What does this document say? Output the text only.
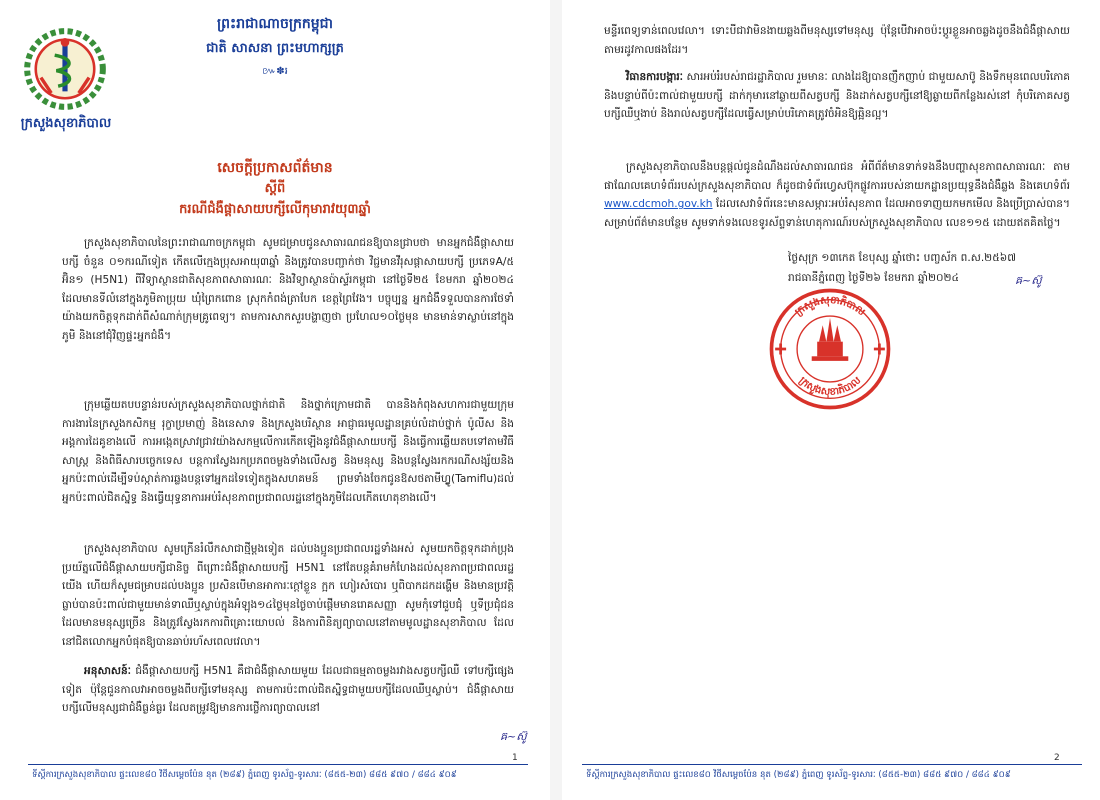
ក្រសួងសុខាភិបាល
ព្រះរាជាណាចក្រកម្ពុជា
ជាតិ សាសនា ព្រះមហាក្សត្រ
៚✽៛
សេចក្តីប្រកាសព័ត៌មាន
ស្តីពី
ករណីជំងឺផ្តាសាយបក្សីលើកុមារាវយុ៣ឆ្នាំ

ក្រសួងសុខាភិបាលនៃព្រះរាជាណាចក្រកម្ពុជា សូមជម្រាបជូនសាធារណជនឱ្យបានជ្រាបថា មានអ្នកជំងឺផ្តាសាយបក្សី ចំនួន ០១ករណីទៀត កើតលើក្មេងប្រុសអាយុ៣ឆ្នាំ និងត្រូវបានបញ្ជាក់ថា វិជ្ជមានវីរុសផ្តាសាយបក្សី ប្រភេទA/៥ អ៊ិន១ (H5N1) ពីវិទ្យាស្ថានជាតិសុខភាពសាធារណៈ និងវិទ្យាស្ថានប៉ាស្ទ័រកម្ពុជា នៅថ្ងៃទី២៥ ខែមករា ឆ្នាំ២០២៤ ដែលមានទីលំនៅក្នុងភូមិតាប្រុយ ឃុំព្រៃកពោន ស្រុកកំពង់ត្រាបែក ខេត្តព្រៃវែង។ បច្ចុប្បន្ន អ្នកជំងឺទទួលបានការថែទាំយ៉ាងយកចិត្តទុកដាក់ពីសំណាក់ក្រុមគ្រូពេទ្យ។ តាមការសាកសួរបង្ហាញថា ប្រហែល១០ថ្ងៃមុន មានមាន់ទាស្លាប់នៅក្នុងភូមិ និងនៅជុំវិញផ្ទះអ្នកជំងឺ។

ក្រុមឆ្លើយតបបន្ទាន់របស់ក្រសួងសុខាភិបាលថ្នាក់ជាតិ និងថ្នាក់ក្រោមជាតិ បាននិងកំពុងសហការជាមួយក្រុមការងារនៃក្រសួងកសិកម្ម រុក្ខាប្រមាញ់ និងនេសាទ និងក្រសួងបរិស្ថាន អាជ្ញាធរមូលដ្ឋានគ្រប់លំដាប់ថ្នាក់ ប៉ូលីស និងអង្គការដៃគូខាងលើ ការអង្កេតស្រាវជ្រាវយ៉ាងសកម្មលើការកើតឡើងនូវជំងឺផ្តាសាយបក្សី និងធ្វើការឆ្លើយតបទៅតាមវិធីសាស្ត្រ និងពិធីសារបច្ចេកទេស បន្តការស្វែងរកប្រភពចម្លងទាំងលើសត្វ និងមនុស្ស និងបន្តស្វែងរកករណីសង្ស័យនិងអ្នកប៉ះពាល់ដើម្បីទប់ស្កាត់ការឆ្លងបន្តទៅអ្នកដទៃទៀតក្នុងសហគមន៍ ព្រមទាំងចែកជូនឱសថតាមីហ្វ្លូ(Tamiflu)ដល់អ្នកប៉ះពាល់ជិតស្និទ្ធ និងធ្វើយុទ្ធនាការអប់រំសុខភាពប្រជាពលរដ្ឋនៅក្នុងភូមិដែលកើតហេតុខាងលើ។

ក្រសួងសុខាភិបាល សូមក្រើនរំលឹកសាជាថ្មីម្តងទៀត ដល់បងប្អូនប្រជាពលរដ្ឋទាំងអស់ សូមយកចិត្តទុកដាក់ប្រុងប្រយ័ត្នលើជំងឺផ្តាសាយបក្សីជានិច្ច ពីព្រោះជំងឺផ្តាសាយបក្សី H5N1 នៅតែបន្តគំរាមកំហែងដល់សុខភាពប្រជាពលរដ្ឋយើង ហើយក៏សូមជម្រាបដល់បងប្អូន ប្រសិនបើមានអាការៈក្តៅខ្លួន ក្អក ហៀរសំបោរ ឬពិបាកដកដង្ហើម និងមានប្រវត្តិធ្លាប់បានប៉ះពាល់ជាមួយមាន់ទាឈឺឬស្លាប់ក្នុងអំឡុង១៤ថ្ងៃមុនថ្ងៃចាប់ផ្តើមមានរោគសញ្ញា សូមកុំទៅជួបជុំ ឬទីប្រជុំជនដែលមានមនុស្សច្រើន និងត្រូវស្វែងរកការពិគ្រោះយោបល់ និងការពិនិត្យព្យាបាលនៅតាមមូលដ្ឋានសុខាភិបាល ដែលនៅជិតលោកអ្នកបំផុតឱ្យបានឆាប់រហ័សពេលវេលា។

អនុសាសន៍ៈ ជំងឺផ្តាសាយបក្សី H5N1 គឺជាជំងឺផ្តាសាយមួយ ដែលជាធម្មតាចម្លងរវាងសត្វបក្សីឈឺ ទៅបក្សីផ្សេងទៀត ប៉ុន្តែជួនកាលវាអាចចម្លងពីបក្សីទៅមនុស្ស តាមការប៉ះពាល់ជិតស្និទ្ធជាមួយបក្សីដែលឈឺឬស្លាប់។ ជំងឺផ្តាសាយបក្សីលើមនុស្សជាជំងឺធ្ងន់ធ្ងរ ដែលតម្រូវឱ្យមានការថ្លើការព្យាបាលនៅ

ឝ~ស៊ូ
1
ទីស្តីការក្រសួងសុខាភិបាល ផ្ទះលេខ៨០ វិថីសម្តេចប៉ែន នុត (២៨៩) ភ្នំពេញ ទូរស័ព្ទ-ទូរសារៈ (៨៥៥-២៣) ៨៨៥ ៩៧០ / ៨៨៤ ៩០៩

មន្ទីរពេទ្យទាន់ពេលវេលា។ ទោះបីជាវាមិនងាយឆ្លងពីមនុស្សទៅមនុស្ស ប៉ុន្តែបើវាអាចប៉ះប្តូរខ្លួនអាចឆ្លងដូចនឹងជំងឺផ្តាសាយតាមរដូវកាលផងដែរ។

វិធានការបង្ការៈ សារអប់រំរបស់រាជរដ្ឋាភិបាល រួមមានៈ លាងដៃឱ្យបានញឹកញាប់ ជាមួយសាប៊ូ និងទឹកមុនពេលបរិភោគ និងបន្ទាប់ពីប៉ះពាល់ជាមួយបក្សី ដាក់កុមារនៅឆ្ងាយពីសត្វបក្សី និងដាក់សត្វបក្សីនៅឱ្យឆ្ងាយពីកន្លែងរស់នៅ កុំបរិភោគសត្វបក្សីឈឺឬងាប់ និងរាល់សត្វបក្សីដែលធ្វើសម្រាប់បរិភោគត្រូវចំអិនឱ្យឆ្អិនល្អ។

ក្រសួងសុខាភិបាលនឹងបន្តផ្តល់ជូនដំណឹងដល់សាធារណជន អំពីព័ត៌មានទាក់ទងនឹងបញ្ហាសុខភាពសាធារណៈ តាមផាណែលគេហទំព័ររបស់ក្រសួងសុខាភិបាល ក៏ដូចជាទំព័រហ្វេសប៊ុកផ្លូវការរបស់នាយកដ្ឋានប្រយុទ្ធនឹងជំងឺឆ្លង និងគេហទំព័រ www.cdcmoh.gov.kh ដែលសេវាទំព័រនេះមានសម្ភារៈអប់រំសុខភាព ដែលអាចទាញយកមកមើល និងប្រើប្រាស់បាន។ សម្រាប់ព័ត៌មានបន្ថែម សូមទាក់ទងលេខទូរស័ព្ទទាន់ហេតុការណ៍របស់ក្រសួងសុខាភិបាល លេខ១១៥ ដោយឥតគិតថ្លៃ។

ថ្ងៃសុក្រ ១៣កេត ខែបុស្ស ឆ្នាំថោះ បញ្ចស័ក ព.ស.២៥៦៧
រាជធានីភ្នំពេញ ថ្ងៃទី២៦ ខែមករា ឆ្នាំ២០២៤	ឝ~ស៊ូ
ក្រសួងសុខាភិបាល
ក្រសួងសុខាភិបាល
2
ទីស្តីការក្រសួងសុខាភិបាល ផ្ទះលេខ៨០ វិថីសម្តេចប៉ែន នុត (២៨៩) ភ្នំពេញ ទូរស័ព្ទ-ទូរសារៈ (៨៥៥-២៣) ៨៨៥ ៩៧០ / ៨៨៤ ៩០៩
